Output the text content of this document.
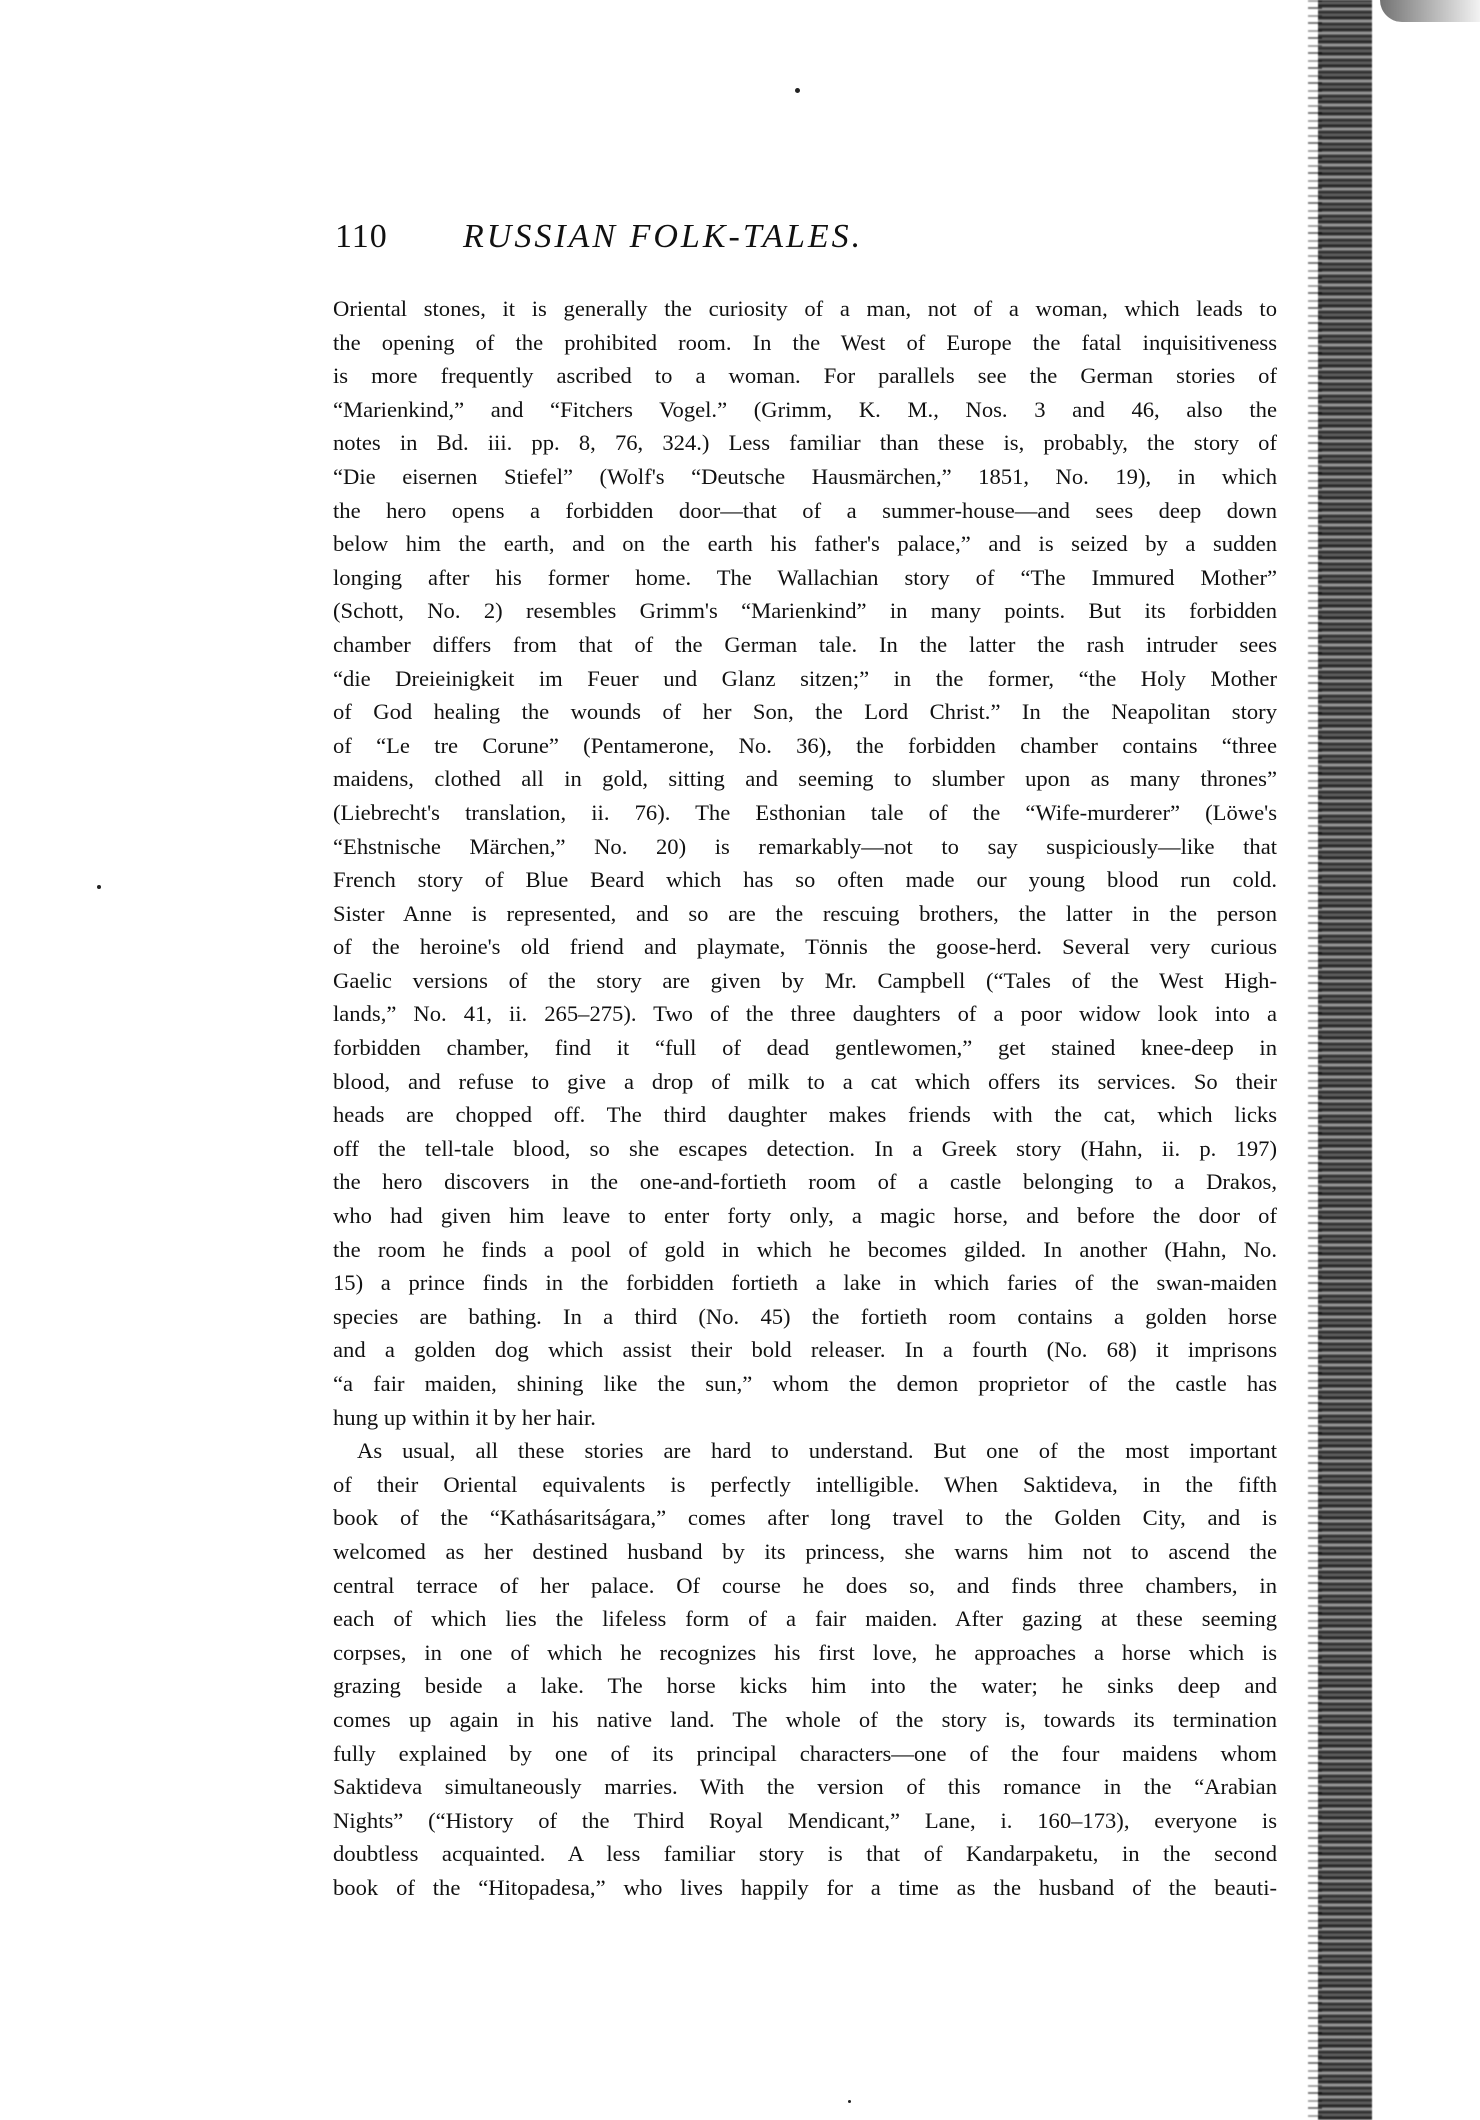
110 RUSSIAN FOLK-TALES.
Oriental stones, it is generally the curiosity of a man, not of a woman, which leads to
the opening of the prohibited room. In the West of Europe the fatal inquisitiveness
is more frequently ascribed to a woman. For parallels see the German stories of
“Marienkind,” and “Fitchers Vogel.” (Grimm, K. M., Nos. 3 and 46, also the
notes in Bd. iii. pp. 8, 76, 324.) Less familiar than these is, probably, the story of
“Die eisernen Stiefel” (Wolf's “Deutsche Hausmärchen,” 1851, No. 19), in which
the hero opens a forbidden door—that of a summer-house—and sees deep down
below him the earth, and on the earth his father's palace,” and is seized by a sudden
longing after his former home. The Wallachian story of “The Immured Mother”
(Schott, No. 2) resembles Grimm's “Marienkind” in many points. But its forbidden
chamber differs from that of the German tale. In the latter the rash intruder sees
“die Dreieinigkeit im Feuer und Glanz sitzen;” in the former, “the Holy Mother
of God healing the wounds of her Son, the Lord Christ.” In the Neapolitan story
of “Le tre Corune” (Pentamerone, No. 36), the forbidden chamber contains “three
maidens, clothed all in gold, sitting and seeming to slumber upon as many thrones”
(Liebrecht's translation, ii. 76). The Esthonian tale of the “Wife-murderer” (Löwe's
“Ehstnische Märchen,” No. 20) is remarkably—not to say suspiciously—like that
French story of Blue Beard which has so often made our young blood run cold.
Sister Anne is represented, and so are the rescuing brothers, the latter in the person
of the heroine's old friend and playmate, Tönnis the goose-herd. Several very curious
Gaelic versions of the story are given by Mr. Campbell (“Tales of the West High-
lands,” No. 41, ii. 265–275). Two of the three daughters of a poor widow look into a
forbidden chamber, find it “full of dead gentlewomen,” get stained knee-deep in
blood, and refuse to give a drop of milk to a cat which offers its services. So their
heads are chopped off. The third daughter makes friends with the cat, which licks
off the tell-tale blood, so she escapes detection. In a Greek story (Hahn, ii. p. 197)
the hero discovers in the one-and-fortieth room of a castle belonging to a Drakos,
who had given him leave to enter forty only, a magic horse, and before the door of
the room he finds a pool of gold in which he becomes gilded. In another (Hahn, No.
15) a prince finds in the forbidden fortieth a lake in which faries of the swan-maiden
species are bathing. In a third (No. 45) the fortieth room contains a golden horse
and a golden dog which assist their bold releaser. In a fourth (No. 68) it imprisons
“a fair maiden, shining like the sun,” whom the demon proprietor of the castle has
hung up within it by her hair.
As usual, all these stories are hard to understand. But one of the most important
of their Oriental equivalents is perfectly intelligible. When Saktideva, in the fifth
book of the “Kathásaritságara,” comes after long travel to the Golden City, and is
welcomed as her destined husband by its princess, she warns him not to ascend the
central terrace of her palace. Of course he does so, and finds three chambers, in
each of which lies the lifeless form of a fair maiden. After gazing at these seeming
corpses, in one of which he recognizes his first love, he approaches a horse which is
grazing beside a lake. The horse kicks him into the water; he sinks deep and
comes up again in his native land. The whole of the story is, towards its termination
fully explained by one of its principal characters—one of the four maidens whom
Saktideva simultaneously marries. With the version of this romance in the “Arabian
Nights” (“History of the Third Royal Mendicant,” Lane, i. 160–173), everyone is
doubtless acquainted. A less familiar story is that of Kandarpaketu, in the second
book of the “Hitopadesa,” who lives happily for a time as the husband of the beauti-
